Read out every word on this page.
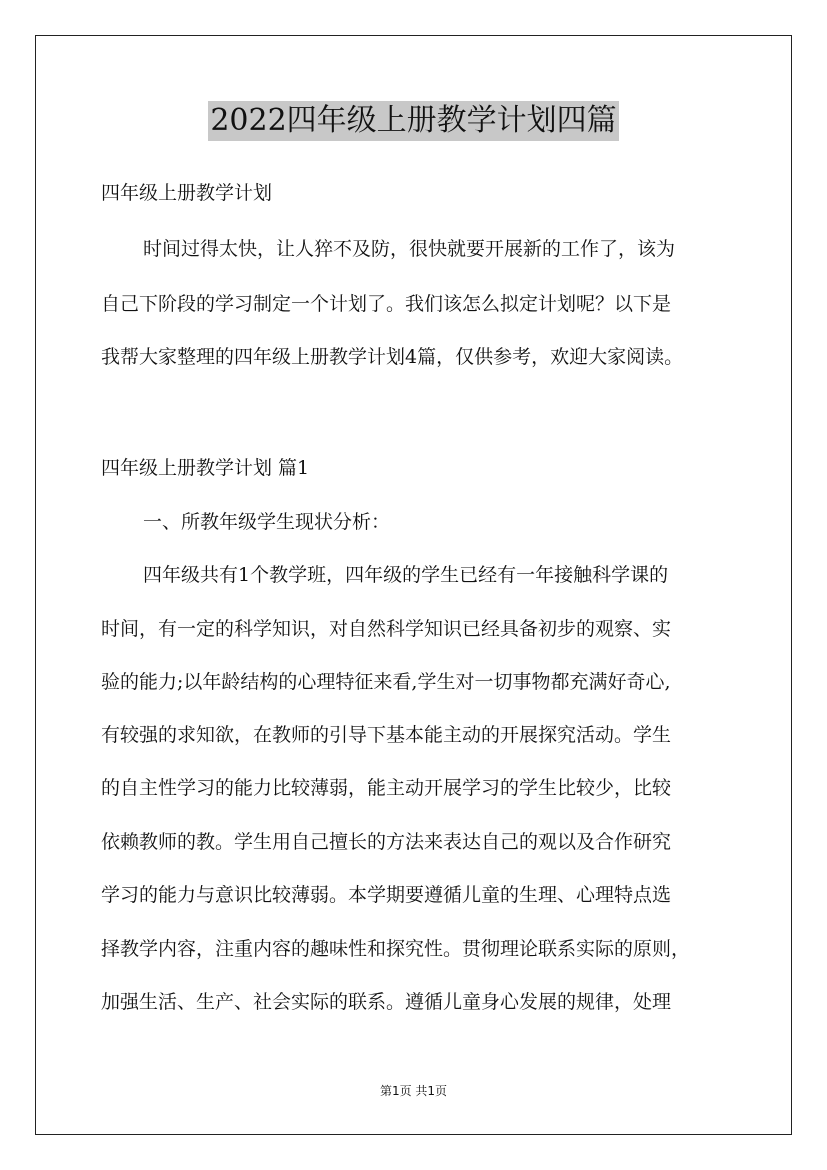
2022四年级上册教学计划四篇
四年级上册教学计划
时间过得太快，让人猝不及防，很快就要开展新的工作了，该为
自己下阶段的学习制定一个计划了。我们该怎么拟定计划呢？以下是
我帮大家整理的四年级上册教学计划4篇，仅供参考，欢迎大家阅读。
四年级上册教学计划 篇1
一、所教年级学生现状分析：
四年级共有1个教学班，四年级的学生已经有一年接触科学课的
时间，有一定的科学知识，对自然科学知识已经具备初步的观察、实
验的能力;以年龄结构的心理特征来看,学生对一切事物都充满好奇心,
有较强的求知欲，在教师的引导下基本能主动的开展探究活动。学生
的自主性学习的能力比较薄弱，能主动开展学习的学生比较少，比较
依赖教师的教。学生用自己擅长的方法来表达自己的观以及合作研究
学习的能力与意识比较薄弱。本学期要遵循儿童的生理、心理特点选
择教学内容，注重内容的趣味性和探究性。贯彻理论联系实际的原则，
加强生活、生产、社会实际的联系。遵循儿童身心发展的规律，处理
第1页 共1页
